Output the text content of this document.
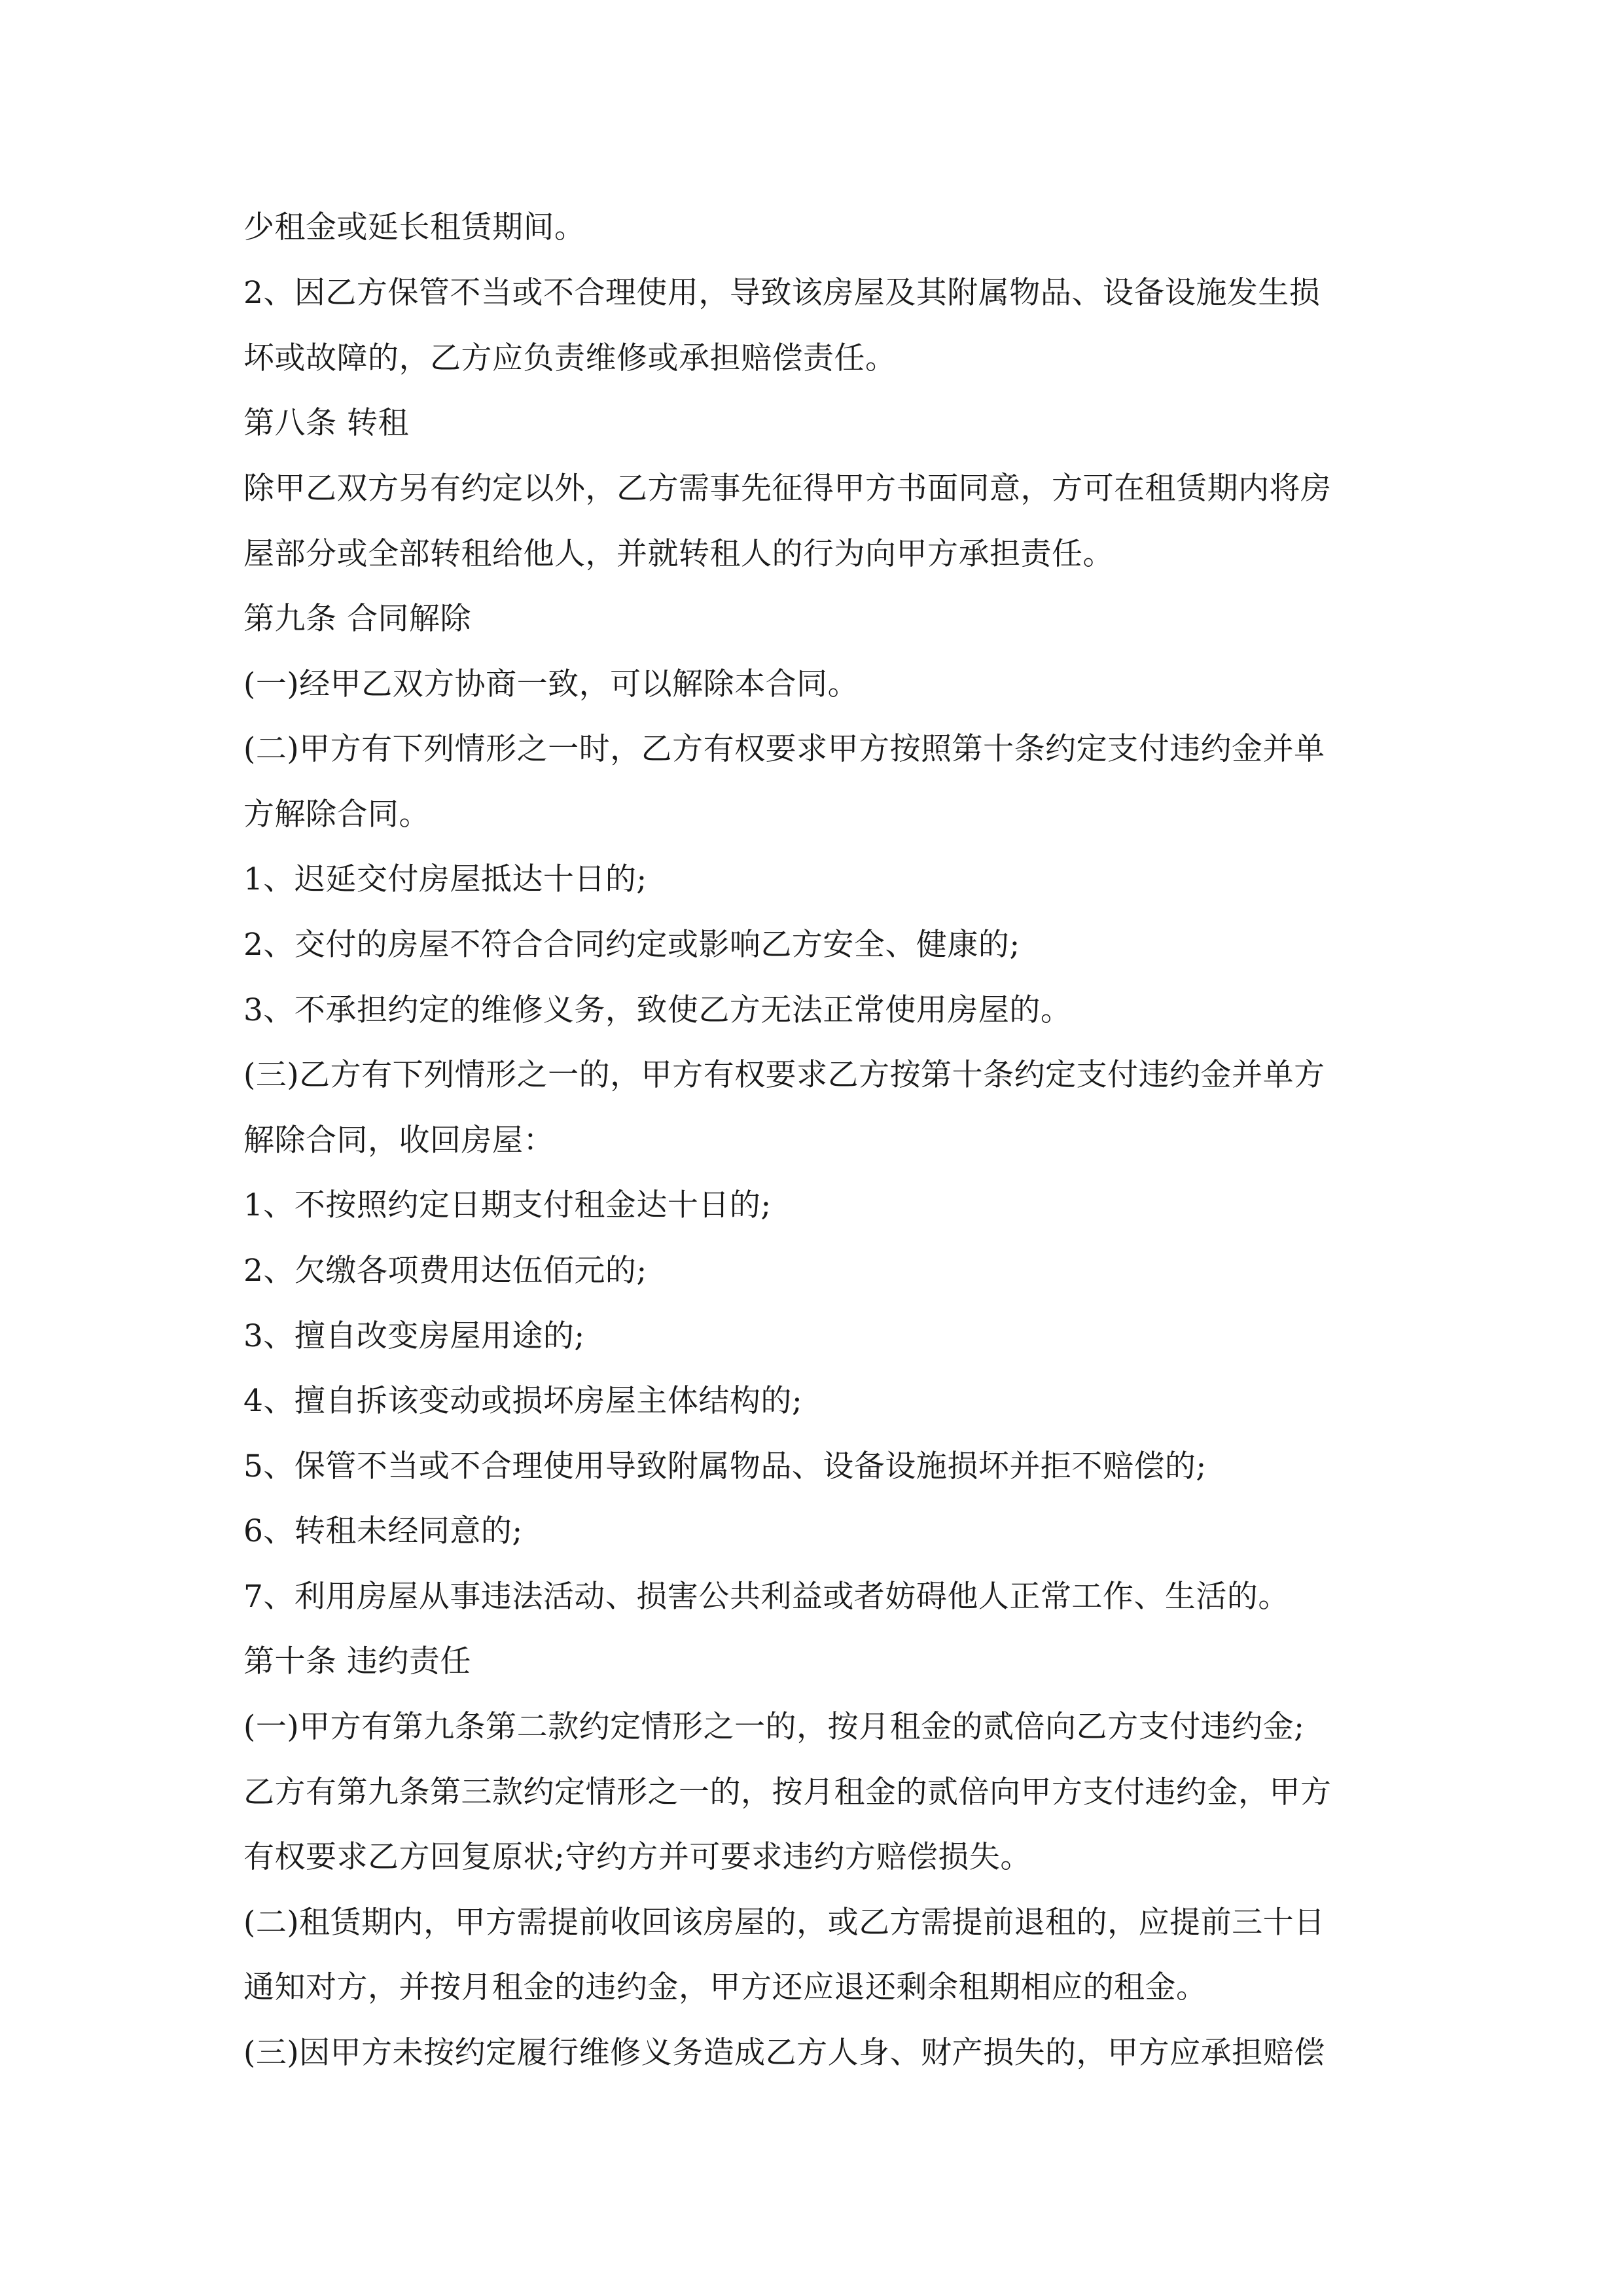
少租金或延长租赁期间。
2、因乙方保管不当或不合理使用，导致该房屋及其附属物品、设备设施发生损
坏或故障的，乙方应负责维修或承担赔偿责任。
第八条 转租
除甲乙双方另有约定以外，乙方需事先征得甲方书面同意，方可在租赁期内将房
屋部分或全部转租给他人，并就转租人的行为向甲方承担责任。
第九条 合同解除
(一)经甲乙双方协商一致，可以解除本合同。
(二)甲方有下列情形之一时，乙方有权要求甲方按照第十条约定支付违约金并单
方解除合同。
1、迟延交付房屋抵达十日的;
2、交付的房屋不符合合同约定或影响乙方安全、健康的;
3、不承担约定的维修义务，致使乙方无法正常使用房屋的。
(三)乙方有下列情形之一的，甲方有权要求乙方按第十条约定支付违约金并单方
解除合同，收回房屋：
1、不按照约定日期支付租金达十日的;
2、欠缴各项费用达伍佰元的;
3、擅自改变房屋用途的;
4、擅自拆该变动或损坏房屋主体结构的;
5、保管不当或不合理使用导致附属物品、设备设施损坏并拒不赔偿的;
6、转租未经同意的;
7、利用房屋从事违法活动、损害公共利益或者妨碍他人正常工作、生活的。
第十条 违约责任
(一)甲方有第九条第二款约定情形之一的，按月租金的贰倍向乙方支付违约金;
乙方有第九条第三款约定情形之一的，按月租金的贰倍向甲方支付违约金，甲方
有权要求乙方回复原状;守约方并可要求违约方赔偿损失。
(二)租赁期内，甲方需提前收回该房屋的，或乙方需提前退租的，应提前三十日
通知对方，并按月租金的违约金，甲方还应退还剩余租期相应的租金。
(三)因甲方未按约定履行维修义务造成乙方人身、财产损失的，甲方应承担赔偿
